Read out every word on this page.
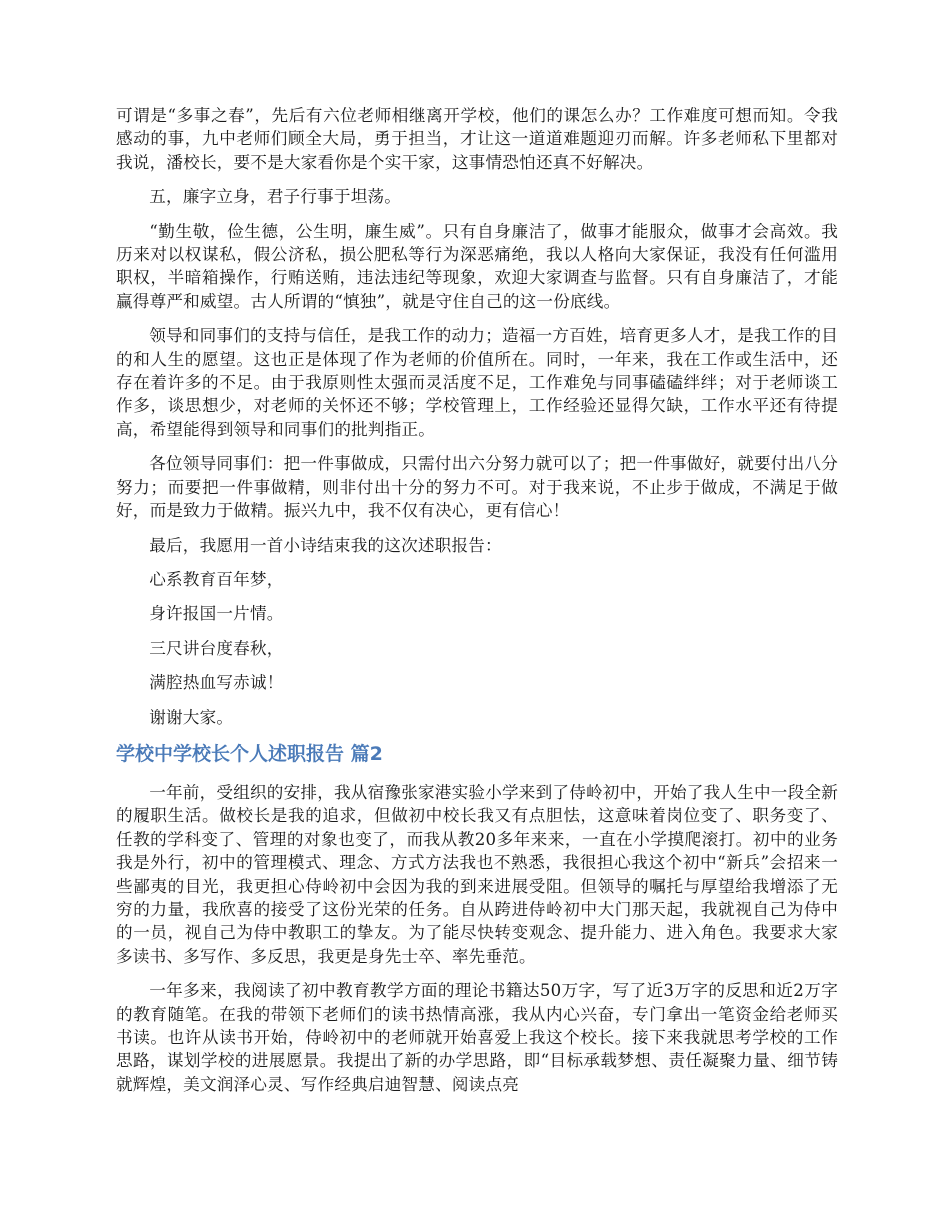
可谓是“多事之春”，先后有六位老师相继离开学校，他们的课怎么办？工作难度可想而知。令我感动的事，九中老师们顾全大局，勇于担当，才让这一道道难题迎刃而解。许多老师私下里都对我说，潘校长，要不是大家看你是个实干家，这事情恐怕还真不好解决。

五，廉字立身，君子行事于坦荡。

“勤生敬，俭生德，公生明，廉生威”。只有自身廉洁了，做事才能服众，做事才会高效。我历来对以权谋私，假公济私，损公肥私等行为深恶痛绝，我以人格向大家保证，我没有任何滥用职权，半暗箱操作，行贿送贿，违法违纪等现象，欢迎大家调查与监督。只有自身廉洁了，才能赢得尊严和威望。古人所谓的“慎独”，就是守住自己的这一份底线。

领导和同事们的支持与信任，是我工作的动力；造福一方百姓，培育更多人才，是我工作的目的和人生的愿望。这也正是体现了作为老师的价值所在。同时，一年来，我在工作或生活中，还存在着许多的不足。由于我原则性太强而灵活度不足，工作难免与同事磕磕绊绊；对于老师谈工作多，谈思想少，对老师的关怀还不够；学校管理上，工作经验还显得欠缺，工作水平还有待提高，希望能得到领导和同事们的批判指正。

各位领导同事们：把一件事做成，只需付出六分努力就可以了；把一件事做好，就要付出八分努力；而要把一件事做精，则非付出十分的努力不可。对于我来说，不止步于做成，不满足于做好，而是致力于做精。振兴九中，我不仅有决心，更有信心！

最后，我愿用一首小诗结束我的这次述职报告：

心系教育百年梦，

身许报国一片情。

三尺讲台度春秋，

满腔热血写赤诚！

谢谢大家。

学校中学校长个人述职报告 篇2

一年前，受组织的安排，我从宿豫张家港实验小学来到了侍岭初中，开始了我人生中一段全新的履职生活。做校长是我的追求，但做初中校长我又有点胆怯，这意味着岗位变了、职务变了、任教的学科变了、管理的对象也变了，而我从教20多年来来，一直在小学摸爬滚打。初中的业务我是外行，初中的管理模式、理念、方式方法我也不熟悉，我很担心我这个初中“新兵”会招来一些鄙夷的目光，我更担心侍岭初中会因为我的到来进展受阻。但领导的嘱托与厚望给我增添了无穷的力量，我欣喜的接受了这份光荣的任务。自从跨进侍岭初中大门那天起，我就视自己为侍中的一员，视自己为侍中教职工的挚友。为了能尽快转变观念、提升能力、进入角色。我要求大家多读书、多写作、多反思，我更是身先士卒、率先垂范。

一年多来，我阅读了初中教育教学方面的理论书籍达50万字，写了近3万字的反思和近2万字的教育随笔。在我的带领下老师们的读书热情高涨，我从内心兴奋，专门拿出一笔资金给老师买书读。也许从读书开始，侍岭初中的老师就开始喜爱上我这个校长。接下来我就思考学校的工作思路，谋划学校的进展愿景。我提出了新的办学思路，即“目标承载梦想、责任凝聚力量、细节铸就辉煌，美文润泽心灵、写作经典启迪智慧、阅读点亮
